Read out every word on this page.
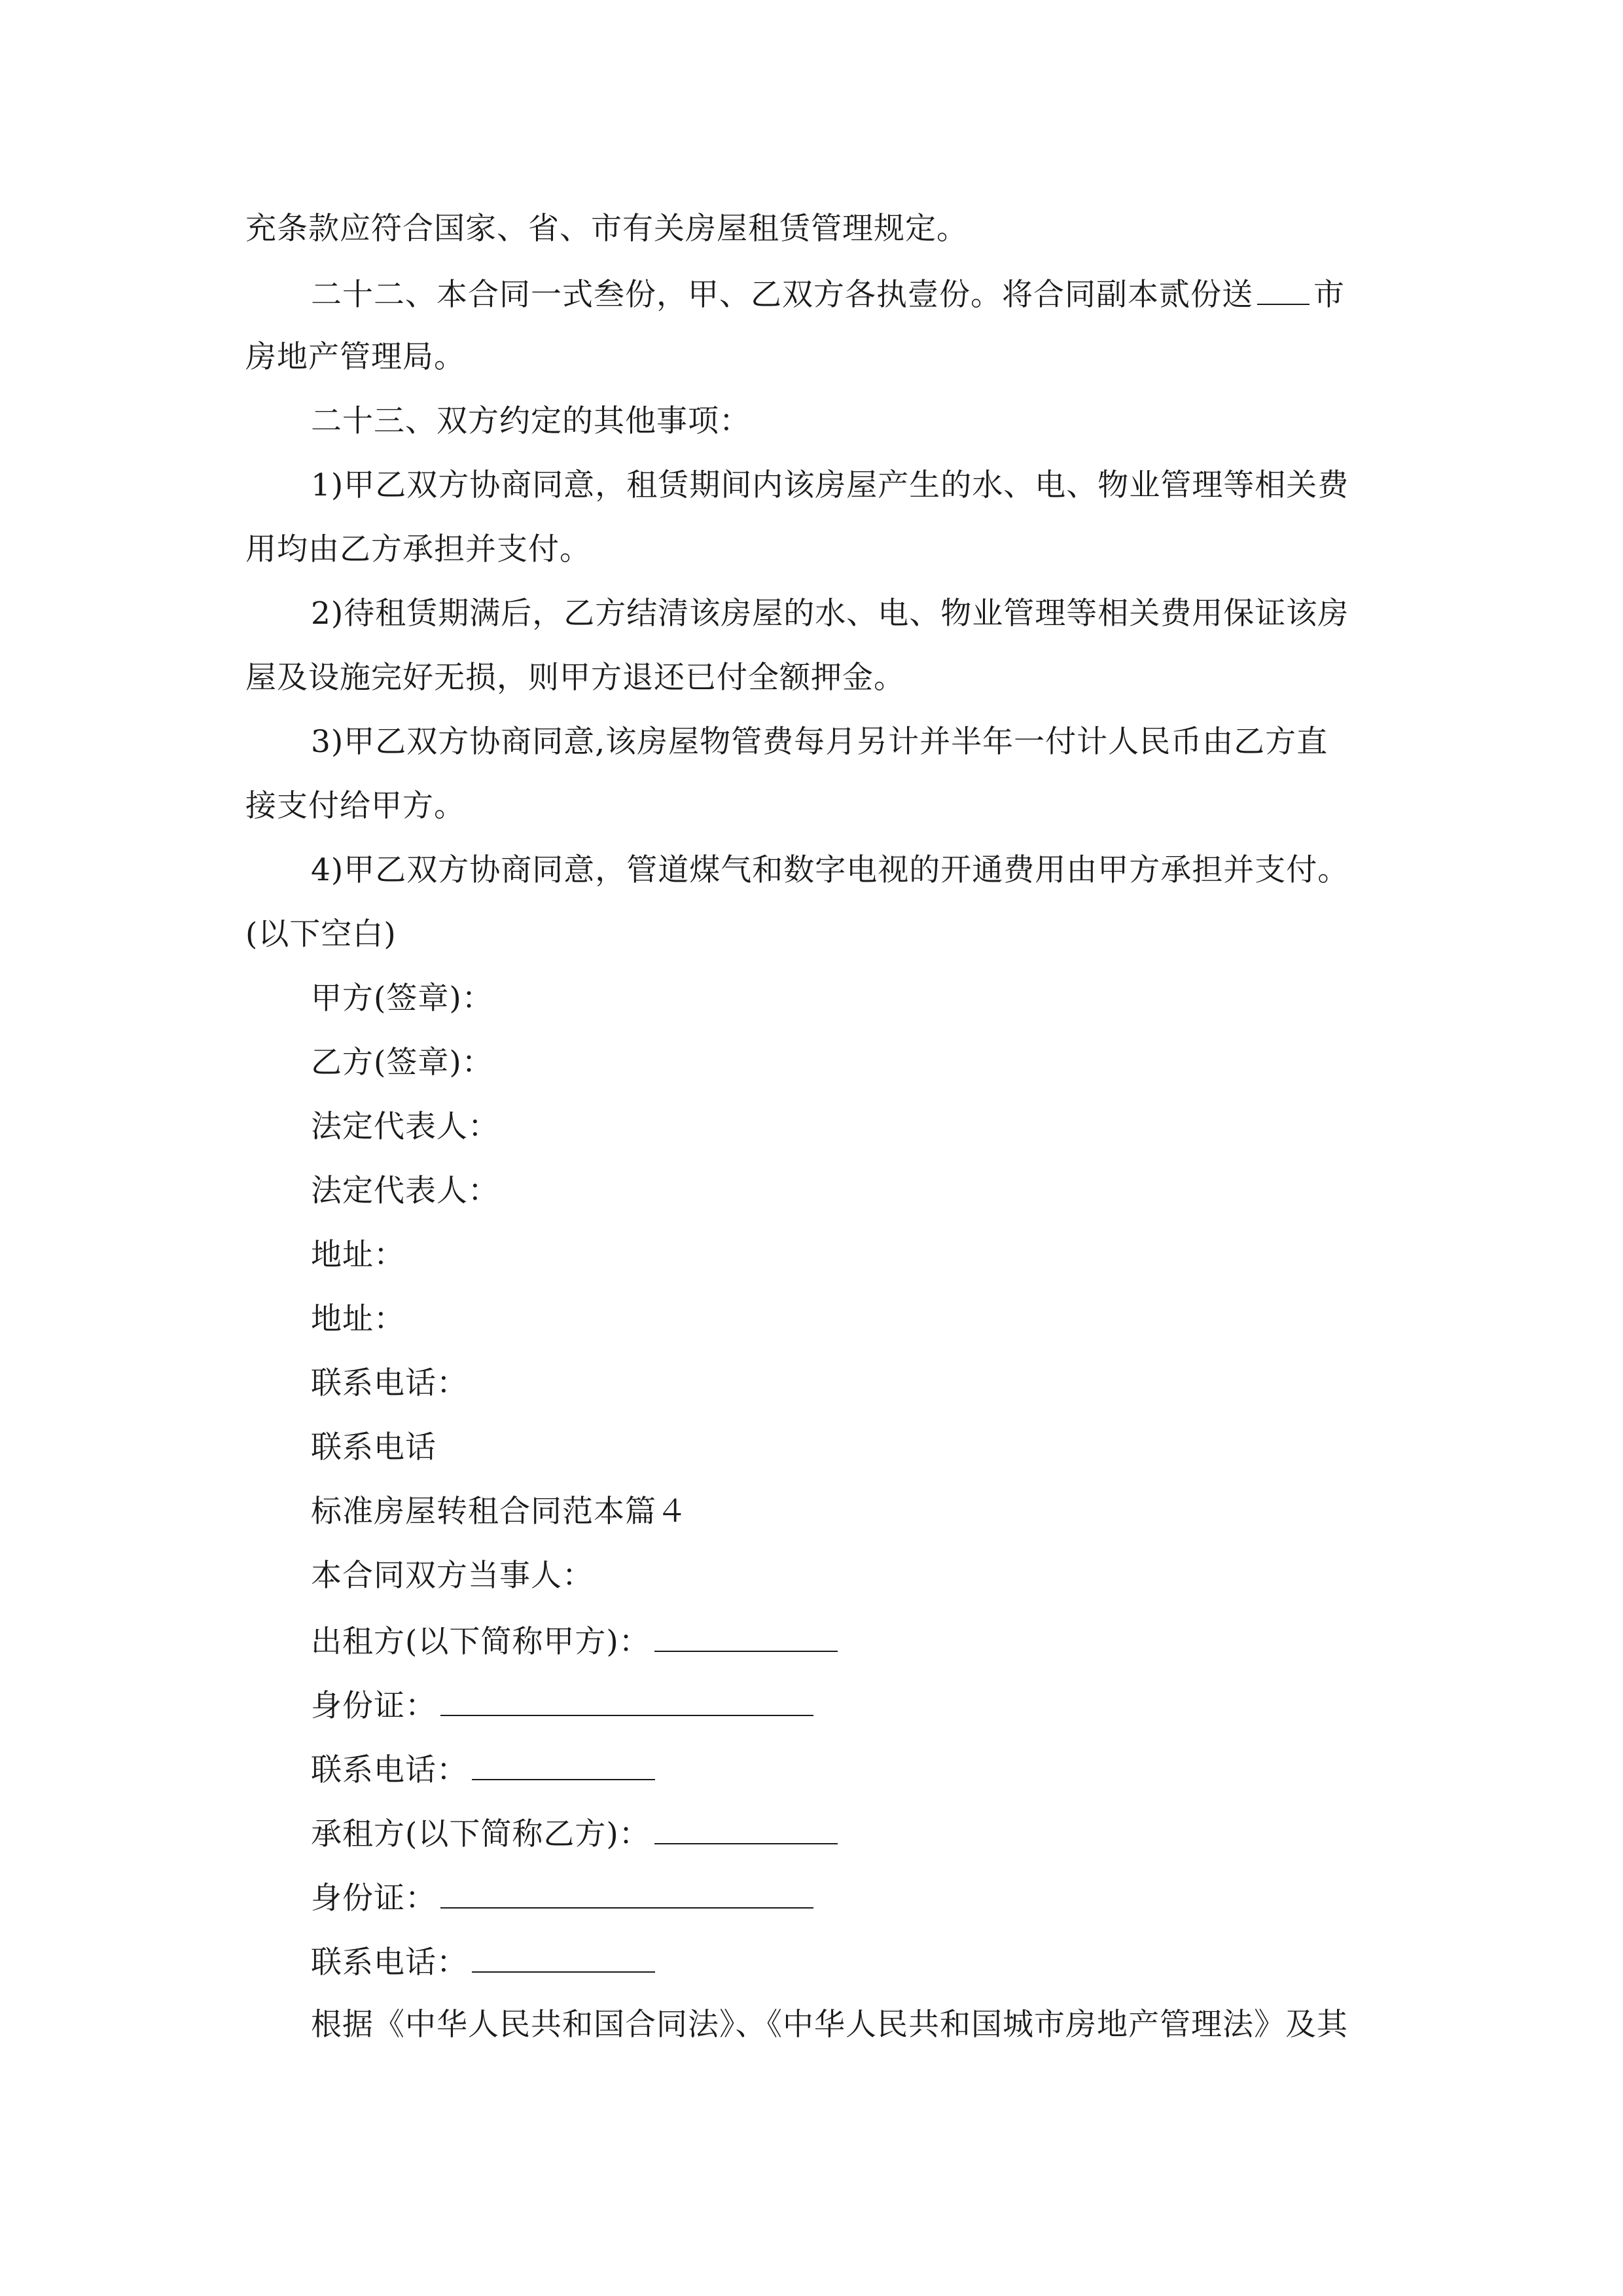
充条款应符合国家、省、市有关房屋租赁管理规定。
二十二、本合同一式叁份，甲、乙双方各执壹份。将合同副本贰份送 市
房地产管理局。
二十三、双方约定的其他事项：
1)甲乙双方协商同意，租赁期间内该房屋产生的水、电、物业管理等相关费
用均由乙方承担并支付。
2)待租赁期满后，乙方结清该房屋的水、电、物业管理等相关费用保证该房
屋及设施完好无损，则甲方退还已付全额押金。
3)甲乙双方协商同意,该房屋物管费每月另计并半年一付计人民币由乙方直
接支付给甲方。
4)甲乙双方协商同意，管道煤气和数字电视的开通费用由甲方承担并支付。
(以下空白)
甲方(签章)：
乙方(签章)：
法定代表人：
法定代表人：
地址：
地址：
联系电话：
联系电话
标准房屋转租合同范本篇４
本合同双方当事人：
出租方(以下简称甲方)：
身份证：
联系电话：
承租方(以下简称乙方)：
身份证：
联系电话：
根据《中华人民共和国合同法》、《中华人民共和国城市房地产管理法》及其
